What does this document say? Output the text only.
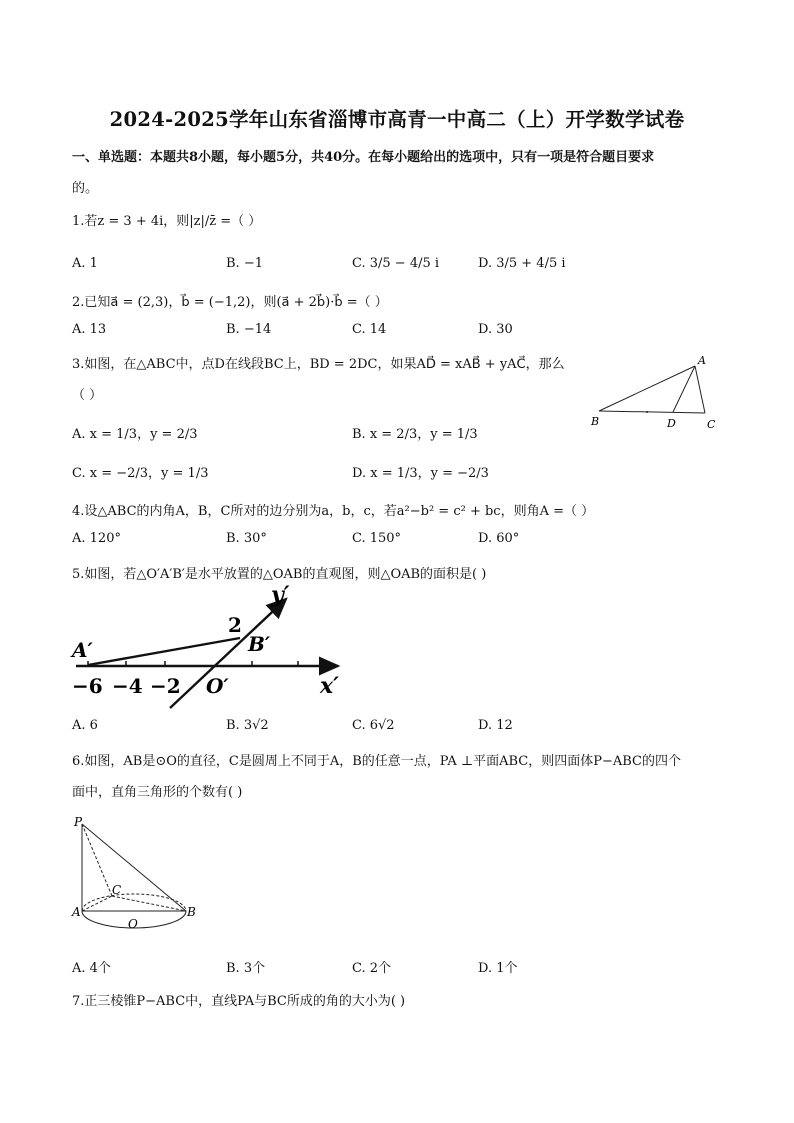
2024-2025学年山东省淄博市高青一中高二（上）开学数学试卷
一、单选题：本题共8小题，每小题5分，共40分。在每小题给出的选项中，只有一项是符合题目要求
的。
1.若z = 3 + 4i，则|z|/z̄ =（ ）
A. 1	B. −1	C. 3/5 − 4/5 i	D. 3/5 + 4/5 i
2.已知a⃗ = (2,3)，b⃗ = (−1,2)，则(a⃗ + 2b⃗)·b⃗ =（ ）
A. 13	B. −14	C. 14	D. 30
3.如图，在△ABC中，点D在线段BC上，BD = 2DC，如果AD⃗ = xAB⃗ + yAC⃗，那么
（ ）
A. x = 1/3，y = 2/3	B. x = 2/3，y = 1/3
C. x = −2/3，y = 1/3	D. x = 1/3，y = −2/3
A
B	D	C
4.设△ABC的内角A，B，C所对的边分别为a，b，c，若a²−b² = c² + bc，则角A =（ ）
A. 120°	B. 30°	C. 150°	D. 60°
5.如图，若△O′A′B′是水平放置的△OAB的直观图，则△OAB的面积是( )
y′
2
B′
A′
−6 −4 −2 O′	x′
A. 6	B. 3√2	C. 6√2	D. 12
6.如图，AB是⊙O的直径，C是圆周上不同于A，B的任意一点，PA ⊥平面ABC，则四面体P−ABC的四个
面中，直角三角形的个数有( )
P
C
A	B
O
A. 4个	B. 3个	C. 2个	D. 1个
7.正三棱锥P−ABC中，直线PA与BC所成的角的大小为( )
